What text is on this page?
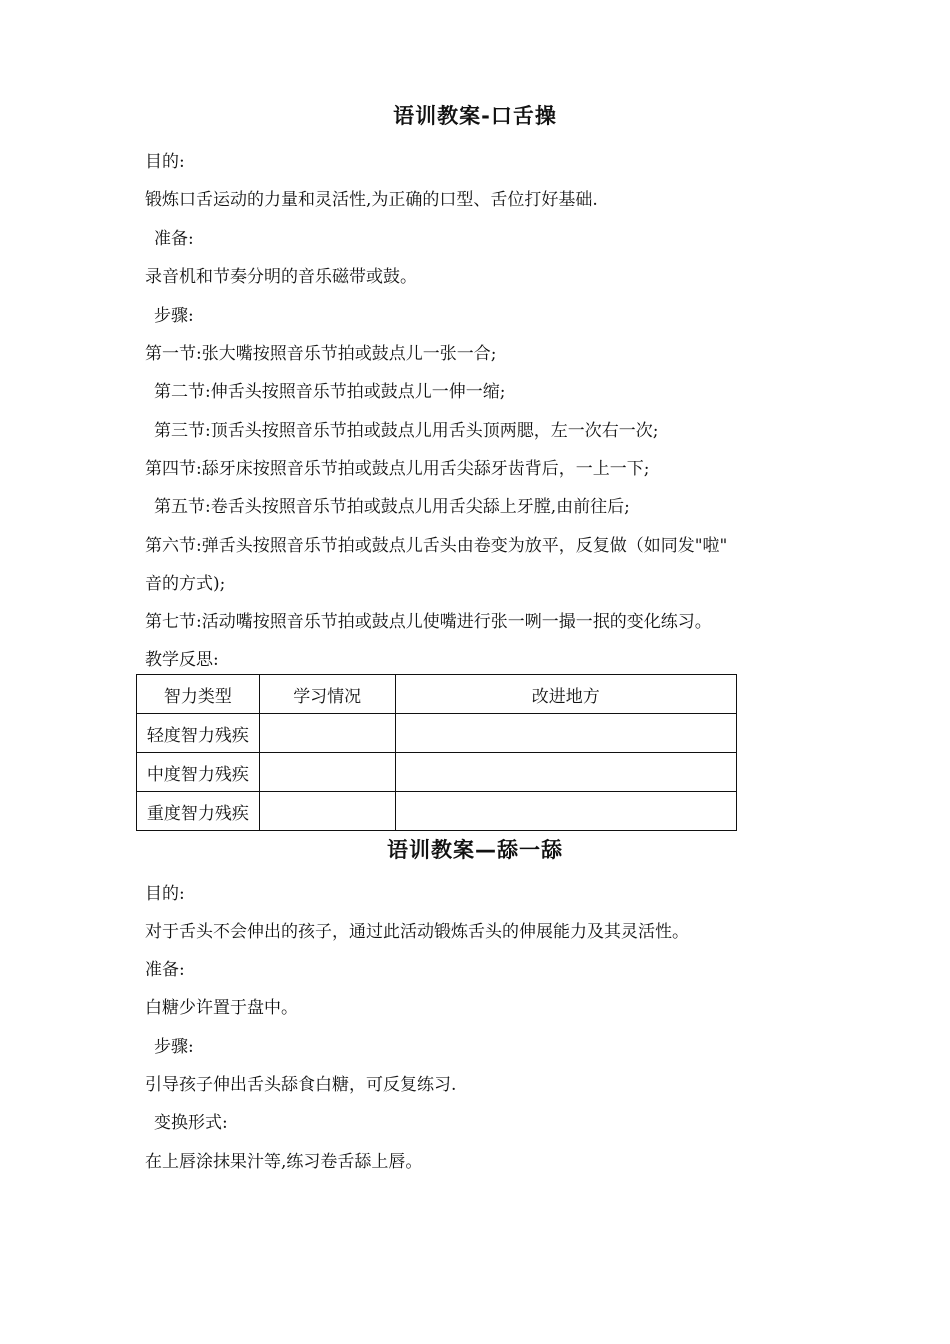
语训教案-口舌操
目的:
锻炼口舌运动的力量和灵活性,为正确的口型、舌位打好基础.
准备:
录音机和节奏分明的音乐磁带或鼓。
步骤:
第一节:张大嘴按照音乐节拍或鼓点儿一张一合;
第二节:伸舌头按照音乐节拍或鼓点儿一伸一缩;
第三节:顶舌头按照音乐节拍或鼓点儿用舌头顶两腮，左一次右一次;
第四节:舔牙床按照音乐节拍或鼓点儿用舌尖舔牙齿背后，一上一下;
第五节:卷舌头按照音乐节拍或鼓点儿用舌尖舔上牙膛,由前往后;
第六节:弹舌头按照音乐节拍或鼓点儿舌头由卷变为放平，反复做（如同发"啦"
音的方式);
第七节:活动嘴按照音乐节拍或鼓点儿使嘴进行张一咧一撮一抿的变化练习。
教学反思:
智力类型	学习情况	改进地方
轻度智力残疾		
中度智力残疾		
重度智力残疾		
语训教案—舔一舔
目的:
对于舌头不会伸出的孩子，通过此活动锻炼舌头的伸展能力及其灵活性。
准备:
白糖少许置于盘中。
步骤:
引导孩子伸出舌头舔食白糖，可反复练习.
变换形式:
在上唇涂抹果汁等,练习卷舌舔上唇。
